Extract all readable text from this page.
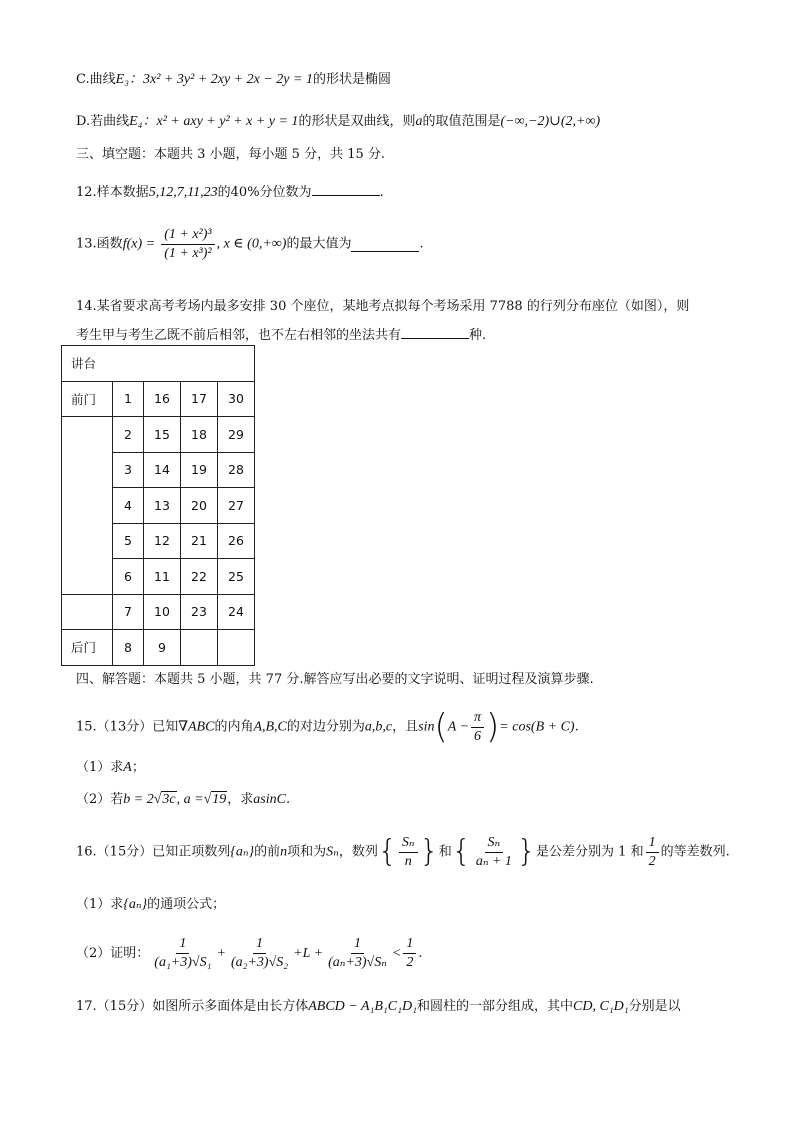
C.曲线E₃：3x² + 3y² + 2xy + 2x − 2y = 1的形状是椭圆
D.若曲线E₄：x² + axy + y² + x + y = 1的形状是双曲线，则a的取值范围是(−∞,−2)∪(2,+∞)
三、填空题：本题共 3 小题，每小题 5 分，共 15 分.
12.样本数据5,12,7,11,23的40%分位数为	.
13.函数$f(x) = \frac{\text{(1 + x²)³}}{\text{(1 + x³)²}}$ , x ∈ (0,+∞)的最大值为	.
14.某省要求高考考场内最多安排 30 个座位，某地考点拟每个考场采用 7788 的行列分布座位（如图），则
考生甲与考生乙既不前后相邻，也不左右相邻的坐法共有	种.
讲台				
前门	1	16	17	30
	2	15	18	29
	3	14	19	28
	4	13	20	27
	5	12	21	26
	6	11	22	25
	7	10	23	24
后门	8	9		
四、解答题：本题共 5 小题，共 77 分.解答应写出必要的文字说明、证明过程及演算步骤.
15.（13分）已知∇ABC的内角A,B,C的对边分别为a,b,c，且$\sin(A - \frac{\pi}{6}$ )= cos(B + C).
（1）求A；
（2）若b = 2√3c, a =√19，求asinC.
16.（15分）已知正项数列{aₙ}的前n项和为Sₙ，数列{ $\frac{\text{Sₙ}}{n}$ }和{ $\frac{\text{Sₙ}}{\text{aₙ + 1}}$ }是公差分别为 1 和 $\frac{1}{2}$ 的等差数列.
（1）求{aₙ}的通项公式；
（2）证明： $\frac{1}{\text{(a₁+3)√S₁}} + \frac{1}{\text{(a₂+3)√S₂}} +L + \frac{1}{\text{(aₙ+3)√Sₙ}} < \frac{1}{2}$ .
17.（15分）如图所示多面体是由长方体ABCD − A₁B₁C₁D₁和圆柱的一部分组成，其中CD, C₁D₁分别是以
